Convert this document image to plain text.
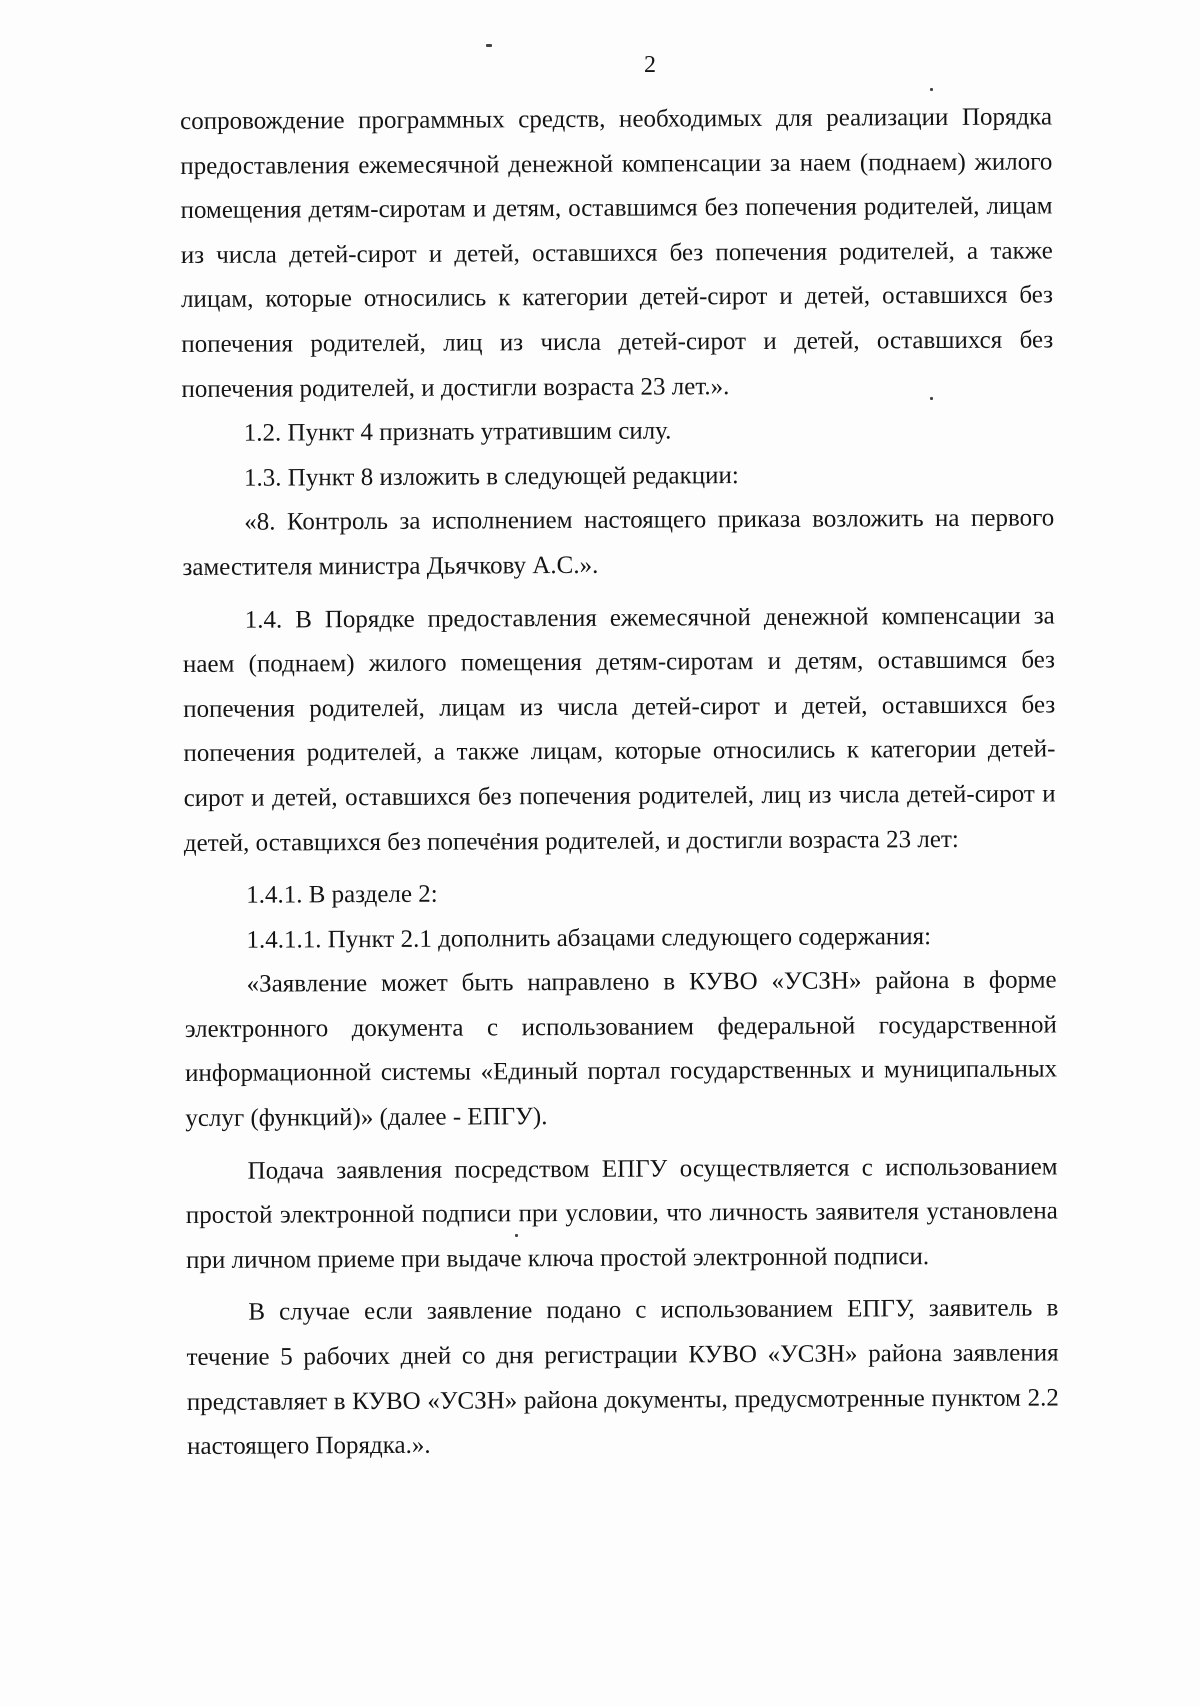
2

сопровождение программных средств, необходимых для реализации Порядка предоставления ежемесячной денежной компенсации за наем (поднаем) жилого помещения детям-сиротам и детям, оставшимся без попечения родителей, лицам из числа детей-сирот и детей, оставшихся без попечения родителей, а также лицам, которые относились к категории детей-сирот и детей, оставшихся без попечения родителей, лиц из числа детей-сирот и детей, оставшихся без попечения родителей, и достигли возраста 23 лет.».

1.2. Пункт 4 признать утратившим силу.

1.3. Пункт 8 изложить в следующей редакции:

«8. Контроль за исполнением настоящего приказа возложить на первого заместителя министра Дьячкову А.С.».

1.4. В Порядке предоставления ежемесячной денежной компенсации за наем (поднаем) жилого помещения детям-сиротам и детям, оставшимся без попечения родителей, лицам из числа детей-сирот и детей, оставшихся без попечения родителей, а также лицам, которые относились к категории детей-сирот и детей, оставшихся без попечения родителей, лиц из числа детей-сирот и детей, оставшихся без попечения родителей, и достигли возраста 23 лет:

1.4.1. В разделе 2:

1.4.1.1. Пункт 2.1 дополнить абзацами следующего содержания:

«Заявление может быть направлено в КУВО «УСЗН» района в форме электронного документа с использованием федеральной государственной информационной системы «Единый портал государственных и муниципальных услуг (функций)» (далее - ЕПГУ).

Подача заявления посредством ЕПГУ осуществляется с использованием простой электронной подписи при условии, что личность заявителя установлена при личном приеме при выдаче ключа простой электронной подписи.

В случае если заявление подано с использованием ЕПГУ, заявитель в течение 5 рабочих дней со дня регистрации КУВО «УСЗН» района заявления представляет в КУВО «УСЗН» района документы, предусмотренные пунктом 2.2 настоящего Порядка.».
